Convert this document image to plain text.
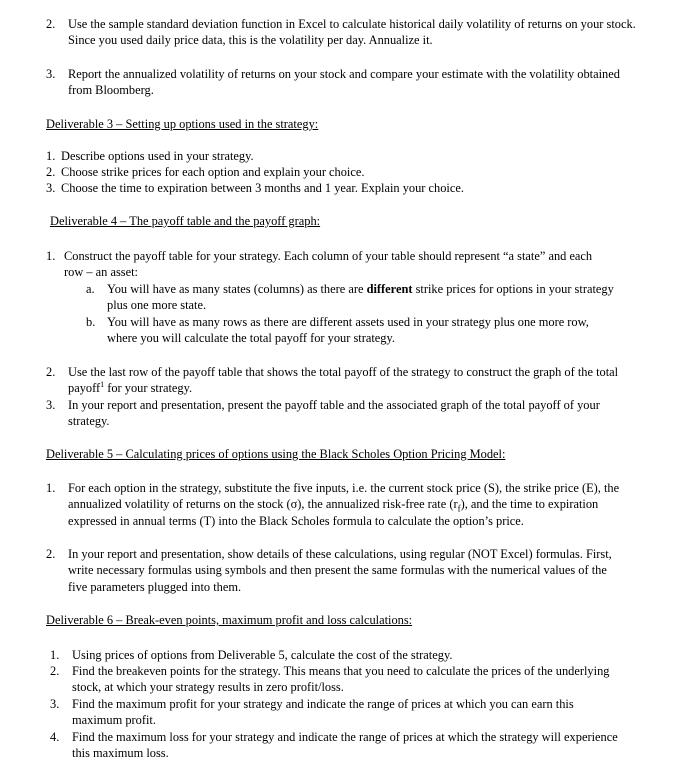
2. Use the sample standard deviation function in Excel to calculate historical daily volatility of returns on your stock. Since you used daily price data, this is the volatility per day. Annualize it.
3. Report the annualized volatility of returns on your stock and compare your estimate with the volatility obtained from Bloomberg.
Deliverable 3 – Setting up options used in the strategy:
1. Describe options used in your strategy.
2. Choose strike prices for each option and explain your choice.
3. Choose the time to expiration between 3 months and 1 year. Explain your choice.
Deliverable 4 – The payoff table and the payoff graph:
1. Construct the payoff table for your strategy. Each column of your table should represent “a state” and each row – an asset:
a. You will have as many states (columns) as there are different strike prices for options in your strategy plus one more state.
b. You will have as many rows as there are different assets used in your strategy plus one more row, where you will calculate the total payoff for your strategy.
2. Use the last row of the payoff table that shows the total payoff of the strategy to construct the graph of the total payoff$^1$ for your strategy.
3. In your report and presentation, present the payoff table and the associated graph of the total payoff of your strategy.
Deliverable 5 – Calculating prices of options using the Black Scholes Option Pricing Model:
1. For each option in the strategy, substitute the five inputs, i.e. the current stock price (S), the strike price (E), the annualized volatility of returns on the stock (σ), the annualized risk-free rate $(r_f)$, and the time to expiration expressed in annual terms (T) into the Black Scholes formula to calculate the option’s price.
2. In your report and presentation, show details of these calculations, using regular (NOT Excel) formulas. First, write necessary formulas using symbols and then present the same formulas with the numerical values of the five parameters plugged into them.
Deliverable 6 – Break-even points, maximum profit and loss calculations:
1. Using prices of options from Deliverable 5, calculate the cost of the strategy.
2. Find the breakeven points for the strategy. This means that you need to calculate the prices of the underlying stock, at which your strategy results in zero profit/loss.
3. Find the maximum profit for your strategy and indicate the range of prices at which you can earn this maximum profit.
4. Find the maximum loss for your strategy and indicate the range of prices at which the strategy will experience this maximum loss.
